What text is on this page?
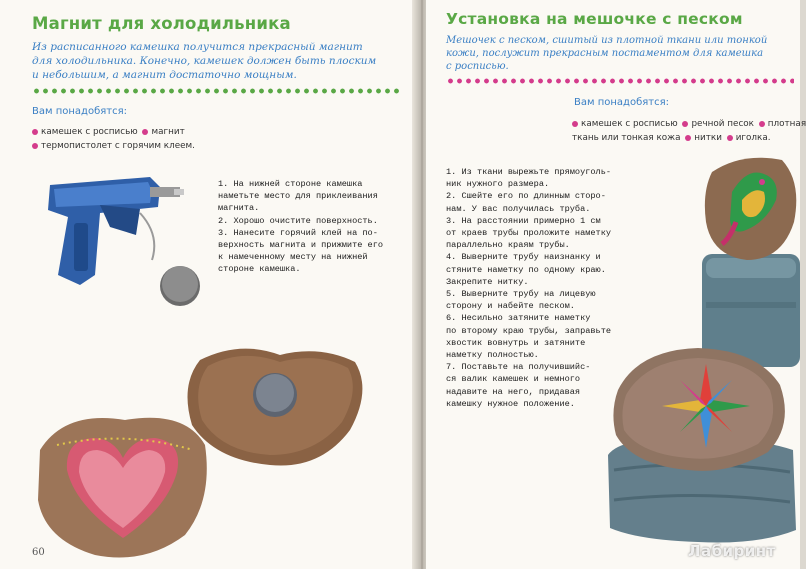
Магнит для холодильника
Из расписанного камешка получится прекрасный магнит
для холодильника. Конечно, камешек должен быть плоским
и небольшим, а магнит достаточно мощным.
Вам понадобятся:
камешек с росписью магнит
термопистолет с горячим клеем.
1. На нижней стороне камешка
наметьте место для приклеивания
магнита.
2. Хорошо очистите поверхность.
3. Нанесите горячий клей на по-
верхность магнита и прижмите его
к намеченному месту на нижней
стороне камешка.
60
Установка на мешочке с песком
Мешочек с песком, сшитый из плотной ткани или тонкой
кожи, послужит прекрасным постаментом для камешка
с росписью.
Вам понадобятся:
камешек с росписью речной песок плотная
ткань или тонкая кожа нитки иголка.
1. Из ткани вырежьте прямоуголь-
ник нужного размера.
2. Сшейте его по длинным сторо-
нам. У вас получилась труба.
3. На расстоянии примерно 1 см
от краев трубы проложите наметку
параллельно краям трубы.
4. Выверните трубу наизнанку и
стяните наметку по одному краю.
Закрепите нитку.
5. Выверните трубу на лицевую
сторону и набейте песком.
6. Несильно затяните наметку
по второму краю трубы, заправьте
хвостик вовнутрь и затяните
наметку полностью.
7. Поставьте на получившийс-
ся валик камешек и немного
надавите на него, придавая
камешку нужное положение.
Лабиринт
